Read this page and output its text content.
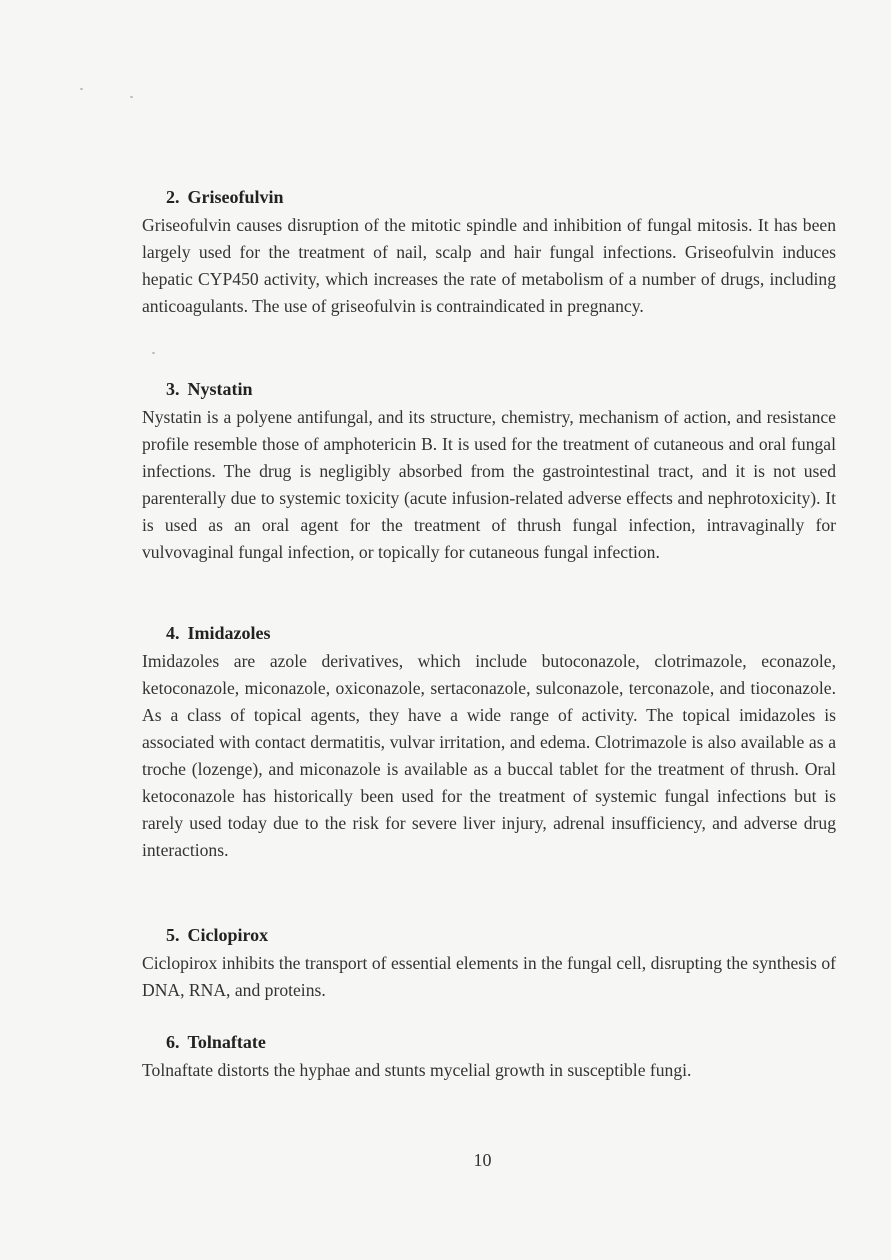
2. Griseofulvin

Griseofulvin causes disruption of the mitotic spindle and inhibition of fungal mitosis. It has been largely used for the treatment of nail, scalp and hair fungal infections. Griseofulvin induces hepatic CYP450 activity, which increases the rate of metabolism of a number of drugs, including anticoagulants. The use of griseofulvin is contraindicated in pregnancy.

3. Nystatin

Nystatin is a polyene antifungal, and its structure, chemistry, mechanism of action, and resistance profile resemble those of amphotericin B. It is used for the treatment of cutaneous and oral fungal infections. The drug is negligibly absorbed from the gastrointestinal tract, and it is not used parenterally due to systemic toxicity (acute infusion-related adverse effects and nephrotoxicity). It is used as an oral agent for the treatment of thrush fungal infection, intravaginally for vulvovaginal fungal infection, or topically for cutaneous fungal infection.

4. Imidazoles

Imidazoles are azole derivatives, which include butoconazole, clotrimazole, econazole, ketoconazole, miconazole, oxiconazole, sertaconazole, sulconazole, terconazole, and tioconazole. As a class of topical agents, they have a wide range of activity. The topical imidazoles is associated with contact dermatitis, vulvar irritation, and edema. Clotrimazole is also available as a troche (lozenge), and miconazole is available as a buccal tablet for the treatment of thrush. Oral ketoconazole has historically been used for the treatment of systemic fungal infections but is rarely used today due to the risk for severe liver injury, adrenal insufficiency, and adverse drug interactions.

5. Ciclopirox

Ciclopirox inhibits the transport of essential elements in the fungal cell, disrupting the synthesis of DNA, RNA, and proteins.

6. Tolnaftate

Tolnaftate distorts the hyphae and stunts mycelial growth in susceptible fungi.

10
